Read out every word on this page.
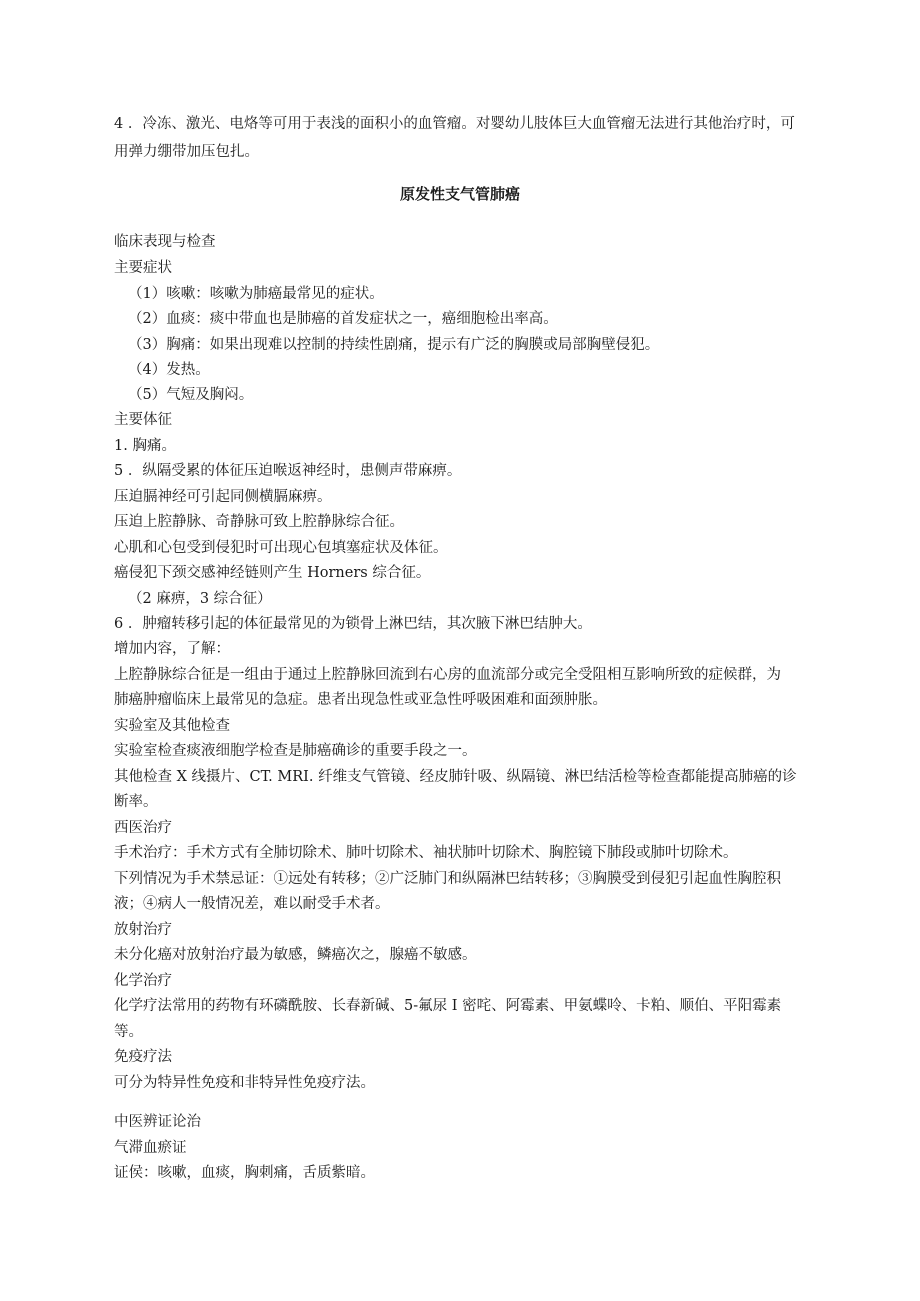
4 ．冷冻、激光、电烙等可用于表浅的面积小的血管瘤。对婴幼儿肢体巨大血管瘤无法进行其他治疗时，可
用弹力绷带加压包扎。
原发性支气管肺癌
临床表现与检查
主要症状
（1）咳嗽：咳嗽为肺癌最常见的症状。
（2）血痰：痰中带血也是肺癌的首发症状之一，癌细胞检出率高。
（3）胸痛：如果出现难以控制的持续性剧痛，提示有广泛的胸膜或局部胸壁侵犯。
（4）发热。
（5）气短及胸闷。
主要体征
1. 胸痛。
5 ．纵隔受累的体征压迫喉返神经时，患侧声带麻痹。
压迫膈神经可引起同侧横膈麻痹。
压迫上腔静脉、奇静脉可致上腔静脉综合征。
心肌和心包受到侵犯时可出现心包填塞症状及体征。
癌侵犯下颈交感神经链则产生 Horners 综合征。
（2 麻痹，3 综合征）
6 ．肿瘤转移引起的体征最常见的为锁骨上淋巴结，其次腋下淋巴结肿大。
增加内容，了解：
上腔静脉综合征是一组由于通过上腔静脉回流到右心房的血流部分或完全受阻相互影响所致的症候群，为
肺癌肿瘤临床上最常见的急症。患者出现急性或亚急性呼吸困难和面颈肿胀。
实验室及其他检查
实验室检查痰液细胞学检查是肺癌确诊的重要手段之一。
其他检查 X 线摄片、CT. MRI. 纤维支气管镜、经皮肺针吸、纵隔镜、淋巴结活检等检查都能提高肺癌的诊
断率。
西医治疗
手术治疗：手术方式有全肺切除术、肺叶切除术、袖状肺叶切除术、胸腔镜下肺段或肺叶切除术。
下列情况为手术禁忌证：①远处有转移；②广泛肺门和纵隔淋巴结转移；③胸膜受到侵犯引起血性胸腔积
液；④病人一般情况差，难以耐受手术者。
放射治疗
未分化癌对放射治疗最为敏感，鳞癌次之，腺癌不敏感。
化学治疗
化学疗法常用的药物有环磷酰胺、长春新碱、5-氟尿 I 密咤、阿霉素、甲氨蝶呤、卡粕、顺伯、平阳霉素
等。
免疫疗法
可分为特异性免疫和非特异性免疫疗法。
中医辨证论治
气滞血瘀证
证侯：咳嗽，血痰，胸刺痛，舌质紫暗。
